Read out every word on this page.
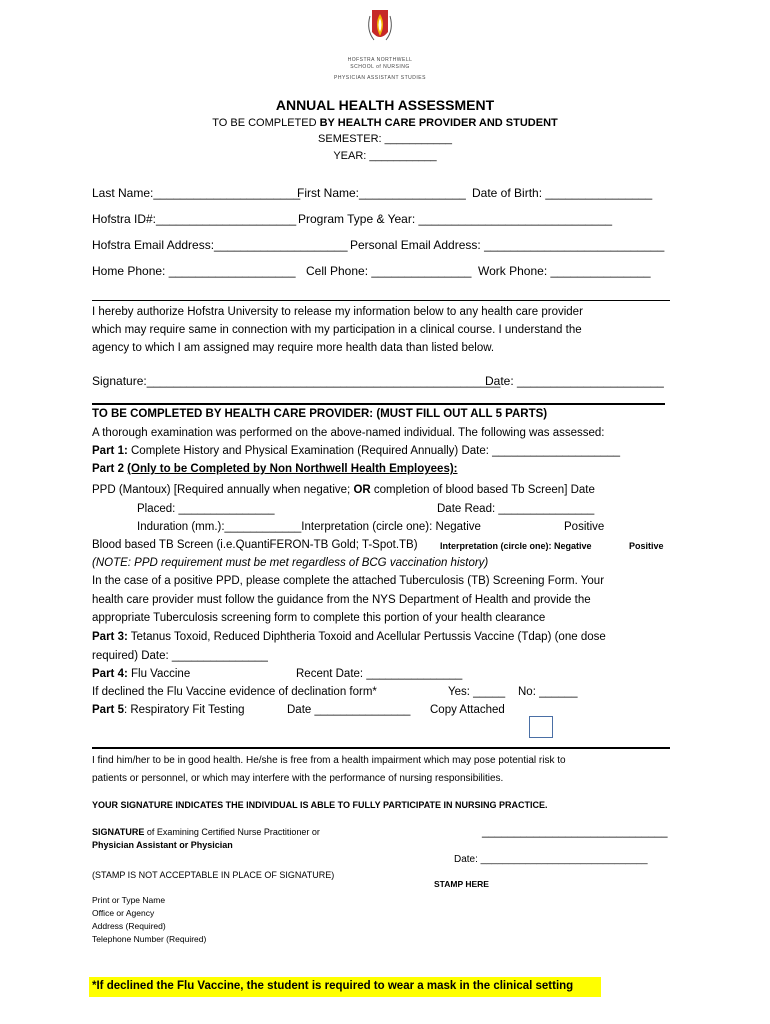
HOFSTRA NORTHWELL
SCHOOL of NURSING
PHYSICIAN ASSISTANT STUDIES
ANNUAL HEALTH ASSESSMENT
TO BE COMPLETED BY HEALTH CARE PROVIDER AND STUDENT
SEMESTER: ___________
YEAR: ___________
Last Name:______________________
First Name:________________ Date of Birth: ________________
Hofstra ID#:_____________________ Program Type & Year: _____________________________
Hofstra Email Address:____________________ Personal Email Address: ___________________________
Home Phone: ___________________ Cell Phone: _______________ Work Phone: _______________
I hereby authorize Hofstra University to release my information below to any health care provider
which may require same in connection with my participation in a clinical course. I understand the
agency to which I am assigned may require more health data than listed below.
Signature:_____________________________________________________
Date: ______________________
TO BE COMPLETED BY HEALTH CARE PROVIDER: (MUST FILL OUT ALL 5 PARTS)
A thorough examination was performed on the above-named individual. The following was assessed:
Part 1: Complete History and Physical Examination (Required Annually) Date: ____________________
Part 2 (Only to be Completed by Non Northwell Health Employees):
PPD (Mantoux) [Required annually when negative; OR completion of blood based Tb Screen] Date
Placed: _______________	Date Read: _______________
Induration (mm.):____________Interpretation (circle one): Negative	Positive
Blood based TB Screen (i.e.QuantiFERON-TB Gold; T-Spot.TB) Interpretation (circle one): Negative	Positive
(NOTE: PPD requirement must be met regardless of BCG vaccination history)
In the case of a positive PPD, please complete the attached Tuberculosis (TB) Screening Form. Your
health care provider must follow the guidance from the NYS Department of Health and provide the
appropriate Tuberculosis screening form to complete this portion of your health clearance
Part 3: Tetanus Toxoid, Reduced Diphtheria Toxoid and Acellular Pertussis Vaccine (Tdap) (one dose
required) Date: _______________
Part 4: Flu Vaccine	Recent Date: _______________
If declined the Flu Vaccine evidence of declination form*	Yes: _____ No: ______
Part 5: Respiratory Fit Testing	Date _______________ Copy Attached
I find him/her to be in good health. He/she is free from a health impairment which may pose potential risk to
patients or personnel, or which may interfere with the performance of nursing responsibilities.
YOUR SIGNATURE INDICATES THE INDIVIDUAL IS ABLE TO FULLY PARTICIPATE IN NURSING PRACTICE.
SIGNATURE of Examining Certified Nurse Practitioner or
Physician Assistant or Physician
_____________________________
Date: ______________________________
(STAMP IS NOT ACCEPTABLE IN PLACE OF SIGNATURE)
STAMP HERE
Print or Type Name
Office or Agency
Address (Required)
Telephone Number (Required)
*If declined the Flu Vaccine, the student is required to wear a mask in the clinical setting
